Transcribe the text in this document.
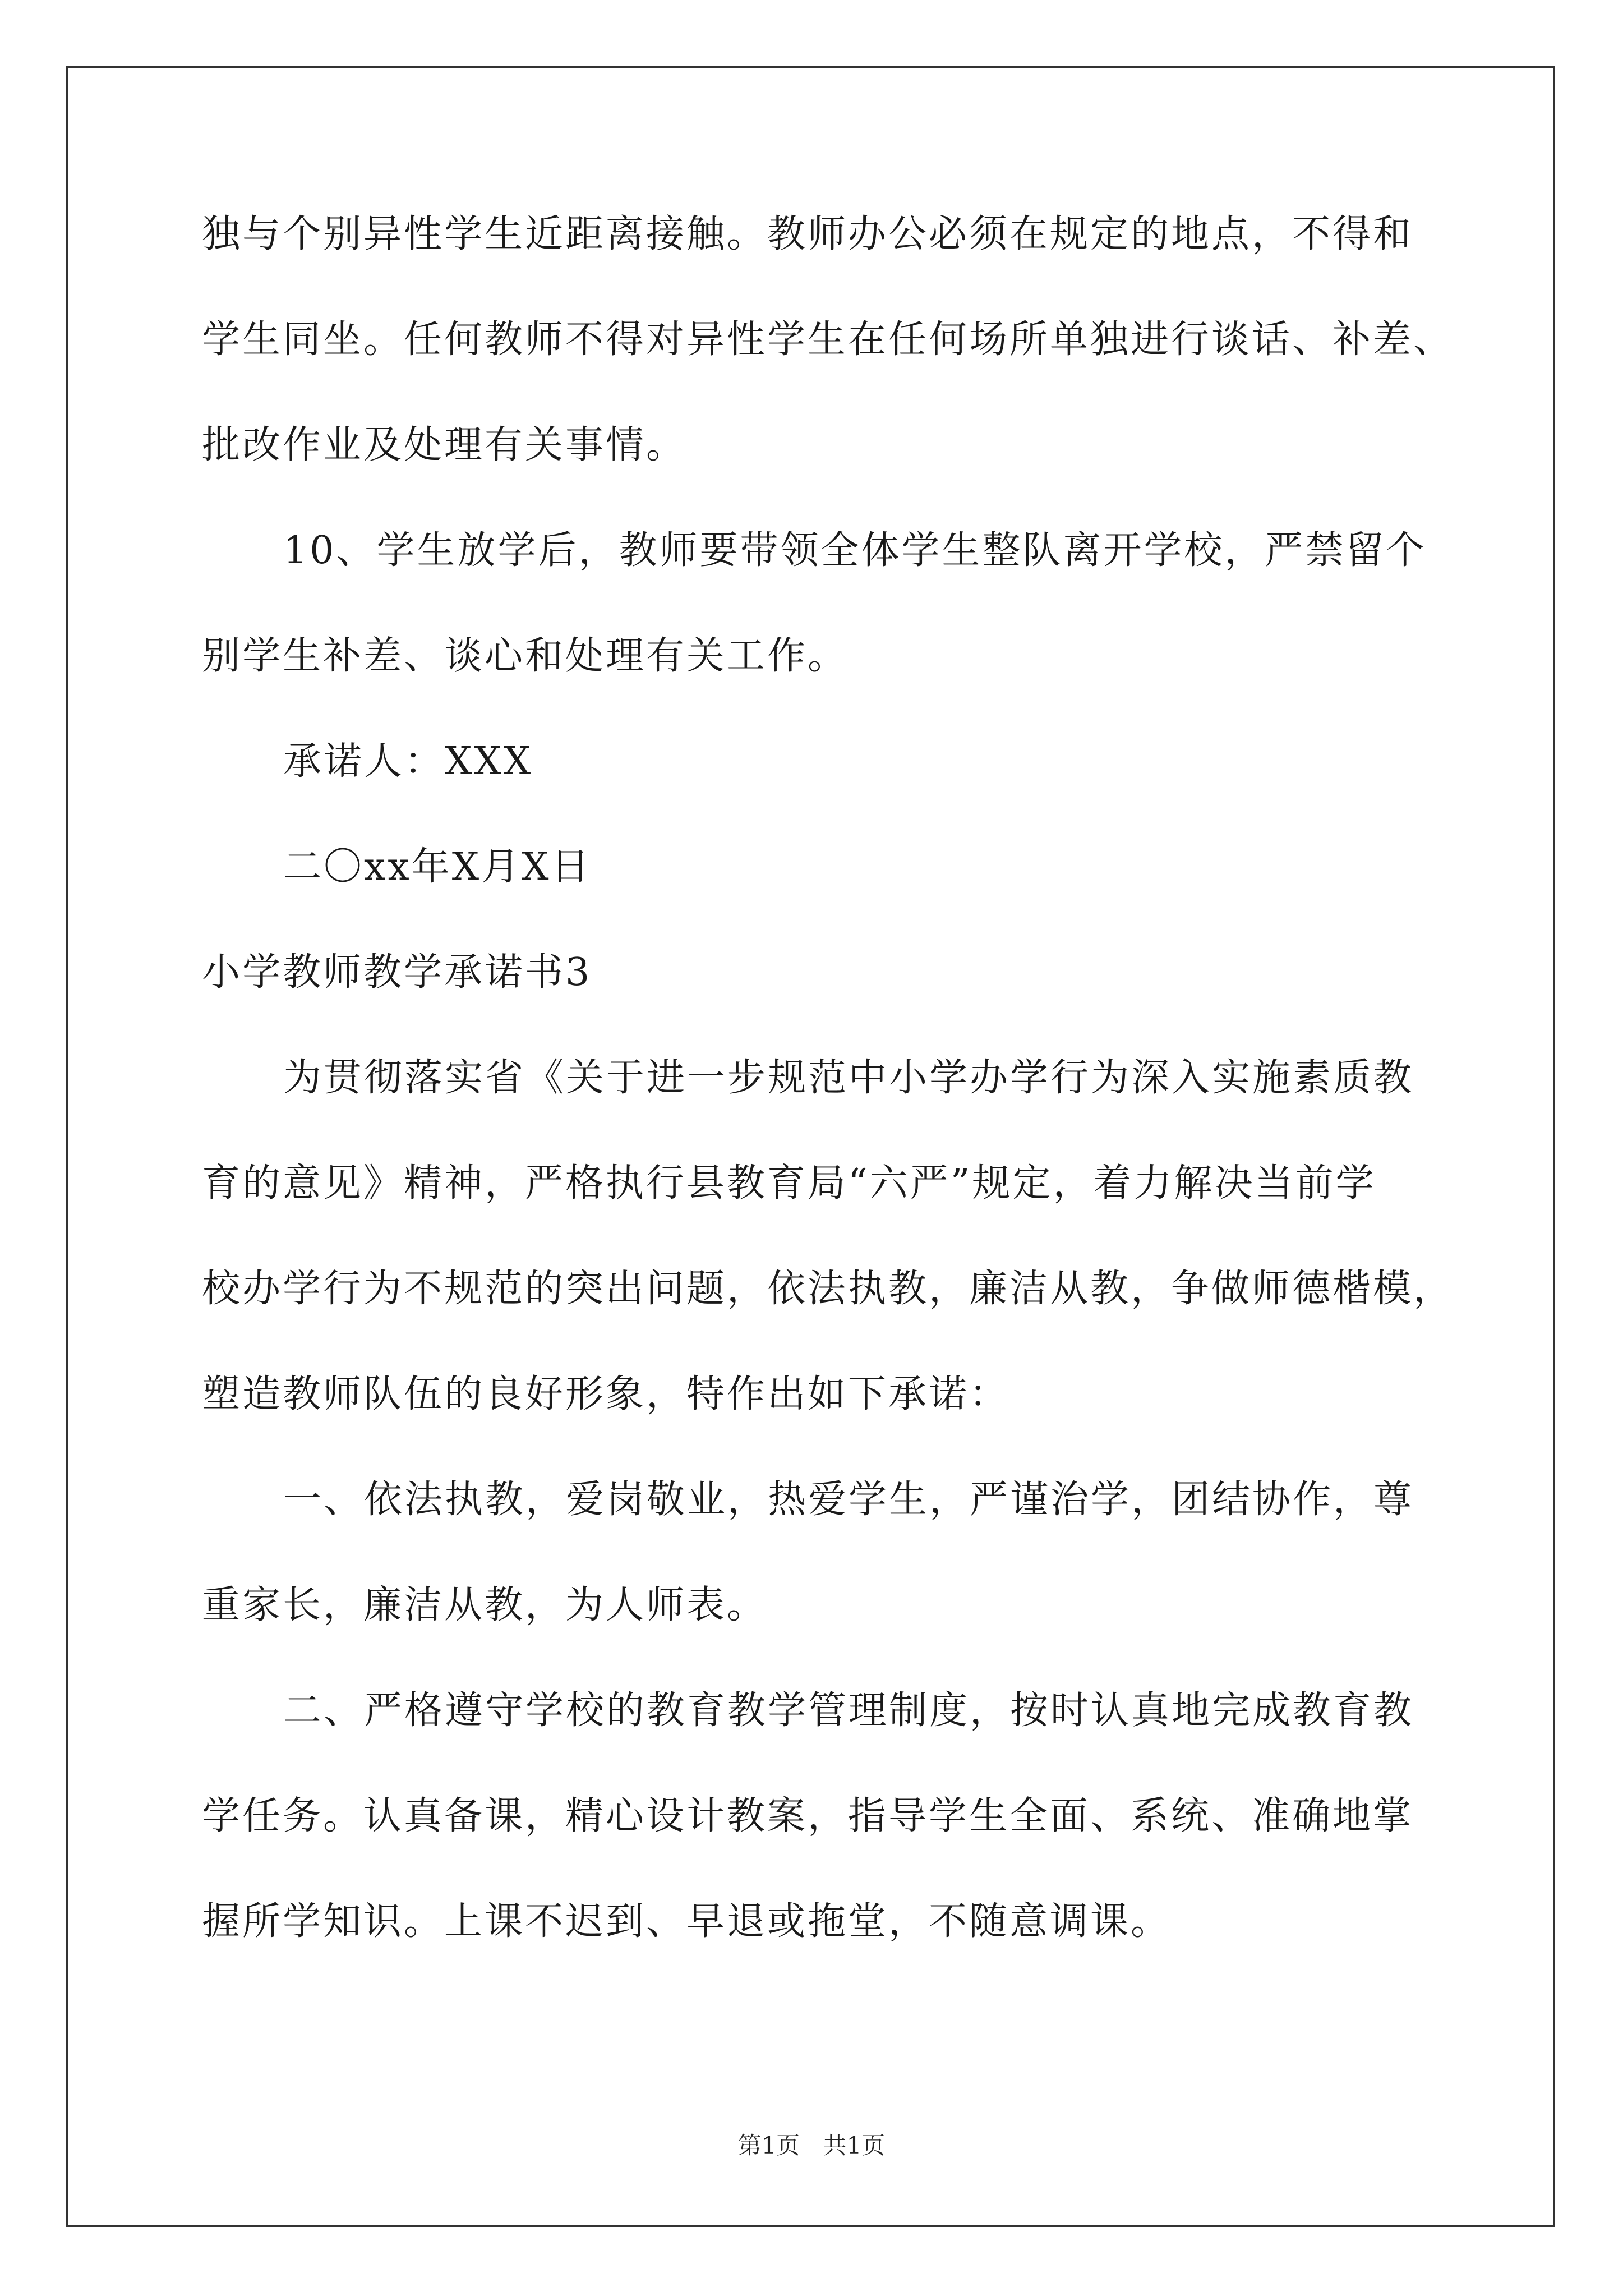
独与个别异性学生近距离接触。教师办公必须在规定的地点，不得和
学生同坐。任何教师不得对异性学生在任何场所单独进行谈话、补差、
批改作业及处理有关事情。
10、学生放学后，教师要带领全体学生整队离开学校，严禁留个
别学生补差、谈心和处理有关工作。
承诺人：XXX
二〇xx年X月X日
小学教师教学承诺书3
为贯彻落实省《关于进一步规范中小学办学行为深入实施素质教
育的意见》精神，严格执行县教育局“六严”规定，着力解决当前学
校办学行为不规范的突出问题，依法执教，廉洁从教，争做师德楷模，
塑造教师队伍的良好形象，特作出如下承诺：
一、依法执教，爱岗敬业，热爱学生，严谨治学，团结协作，尊
重家长，廉洁从教，为人师表。
二、严格遵守学校的教育教学管理制度，按时认真地完成教育教
学任务。认真备课，精心设计教案，指导学生全面、系统、准确地掌
握所学知识。上课不迟到、早退或拖堂，不随意调课。
第1页 共1页
